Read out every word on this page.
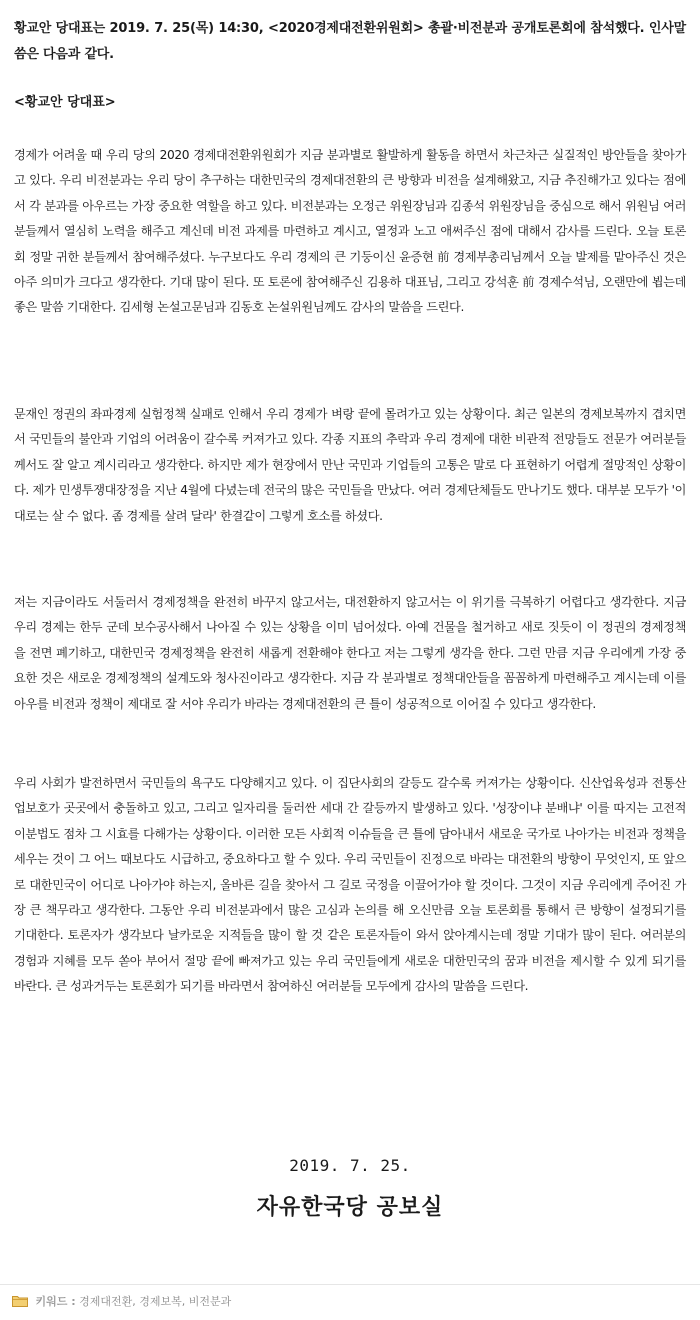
황교안 당대표는 2019. 7. 25(목) 14:30, <2020경제대전환위원회> 총괄·비전분과 공개토론회에 참석했다. 인사말씀은 다음과 같다.
<황교안 당대표>

경제가 어려울 때 우리 당의 2020 경제대전환위원회가 지금 분과별로 활발하게 활동을 하면서 차근차근 실질적인 방안들을 찾아가고 있다. 우리 비전분과는 우리 당이 추구하는 대한민국의 경제대전환의 큰 방향과 비전을 설계해왔고, 지금 추진해가고 있다는 점에서 각 분과를 아우르는 가장 중요한 역할을 하고 있다. 비전분과는 오정근 위원장님과 김종석 위원장님을 중심으로 해서 위원님 여러분들께서 열심히 노력을 해주고 계신데 비전 과제를 마련하고 계시고, 열정과 노고 애써주신 점에 대해서 감사를 드린다. 오늘 토론회 정말 귀한 분들께서 참여해주셨다. 누구보다도 우리 경제의 큰 기둥이신 윤증현 前 경제부총리님께서 오늘 발제를 맡아주신 것은 아주 의미가 크다고 생각한다. 기대 많이 된다. 또 토론에 참여해주신 김용하 대표님, 그리고 강석훈 前 경제수석님, 오랜만에 뵙는데 좋은 말씀 기대한다. 김세형 논설고문님과 김동호 논설위원님께도 감사의 말씀을 드린다.

문재인 정권의 좌파경제 실험정책 실패로 인해서 우리 경제가 벼랑 끝에 몰려가고 있는 상황이다. 최근 일본의 경제보복까지 겹치면서 국민들의 불안과 기업의 어려움이 갈수록 커져가고 있다. 각종 지표의 추락과 우리 경제에 대한 비관적 전망들도 전문가 여러분들께서도 잘 알고 계시리라고 생각한다. 하지만 제가 현장에서 만난 국민과 기업들의 고통은 말로 다 표현하기 어렵게 절망적인 상황이다. 제가 민생투쟁대장정을 지난 4월에 다녔는데 전국의 많은 국민들을 만났다. 여러 경제단체들도 만나기도 했다. 대부분 모두가 '이대로는 살 수 없다. 좀 경제를 살려 달라' 한결같이 그렇게 호소를 하셨다.

저는 지금이라도 서둘러서 경제정책을 완전히 바꾸지 않고서는, 대전환하지 않고서는 이 위기를 극복하기 어렵다고 생각한다. 지금 우리 경제는 한두 군데 보수공사해서 나아질 수 있는 상황을 이미 넘어섰다. 아예 건물을 철거하고 새로 짓듯이 이 정권의 경제정책을 전면 폐기하고, 대한민국 경제정책을 완전히 새롭게 전환해야 한다고 저는 그렇게 생각을 한다. 그런 만큼 지금 우리에게 가장 중요한 것은 새로운 경제정책의 설계도와 청사진이라고 생각한다. 지금 각 분과별로 정책대안들을 꼼꼼하게 마련해주고 계시는데 이를 아우를 비전과 정책이 제대로 잘 서야 우리가 바라는 경제대전환의 큰 틀이 성공적으로 이어질 수 있다고 생각한다.

우리 사회가 발전하면서 국민들의 욕구도 다양해지고 있다. 이 집단사회의 갈등도 갈수록 커져가는 상황이다. 신산업육성과 전통산업보호가 곳곳에서 충돌하고 있고, 그리고 일자리를 둘러싼 세대 간 갈등까지 발생하고 있다. '성장이냐 분배냐' 이를 따지는 고전적 이분법도 점차 그 시효를 다해가는 상황이다. 이러한 모든 사회적 이슈들을 큰 틀에 담아내서 새로운 국가로 나아가는 비전과 정책을 세우는 것이 그 어느 때보다도 시급하고, 중요하다고 할 수 있다. 우리 국민들이 진정으로 바라는 대전환의 방향이 무엇인지, 또 앞으로 대한민국이 어디로 나아가야 하는지, 올바른 길을 찾아서 그 길로 국정을 이끌어가야 할 것이다. 그것이 지금 우리에게 주어진 가장 큰 책무라고 생각한다. 그동안 우리 비전분과에서 많은 고심과 논의를 해 오신만큼 오늘 토론회를 통해서 큰 방향이 설정되기를 기대한다. 토론자가 생각보다 날카로운 지적들을 많이 할 것 같은 토론자들이 와서 앉아계시는데 정말 기대가 많이 된다. 여러분의 경험과 지혜를 모두 쏟아 부어서 절망 끝에 빠져가고 있는 우리 국민들에게 새로운 대한민국의 꿈과 비전을 제시할 수 있게 되기를 바란다. 큰 성과거두는 토론회가 되기를 바라면서 참여하신 여러분들 모두에게 감사의 말씀을 드린다.

2019. 7. 25.
자유한국당 공보실
키워드 : 경제대전환, 경제보복, 비전분과
